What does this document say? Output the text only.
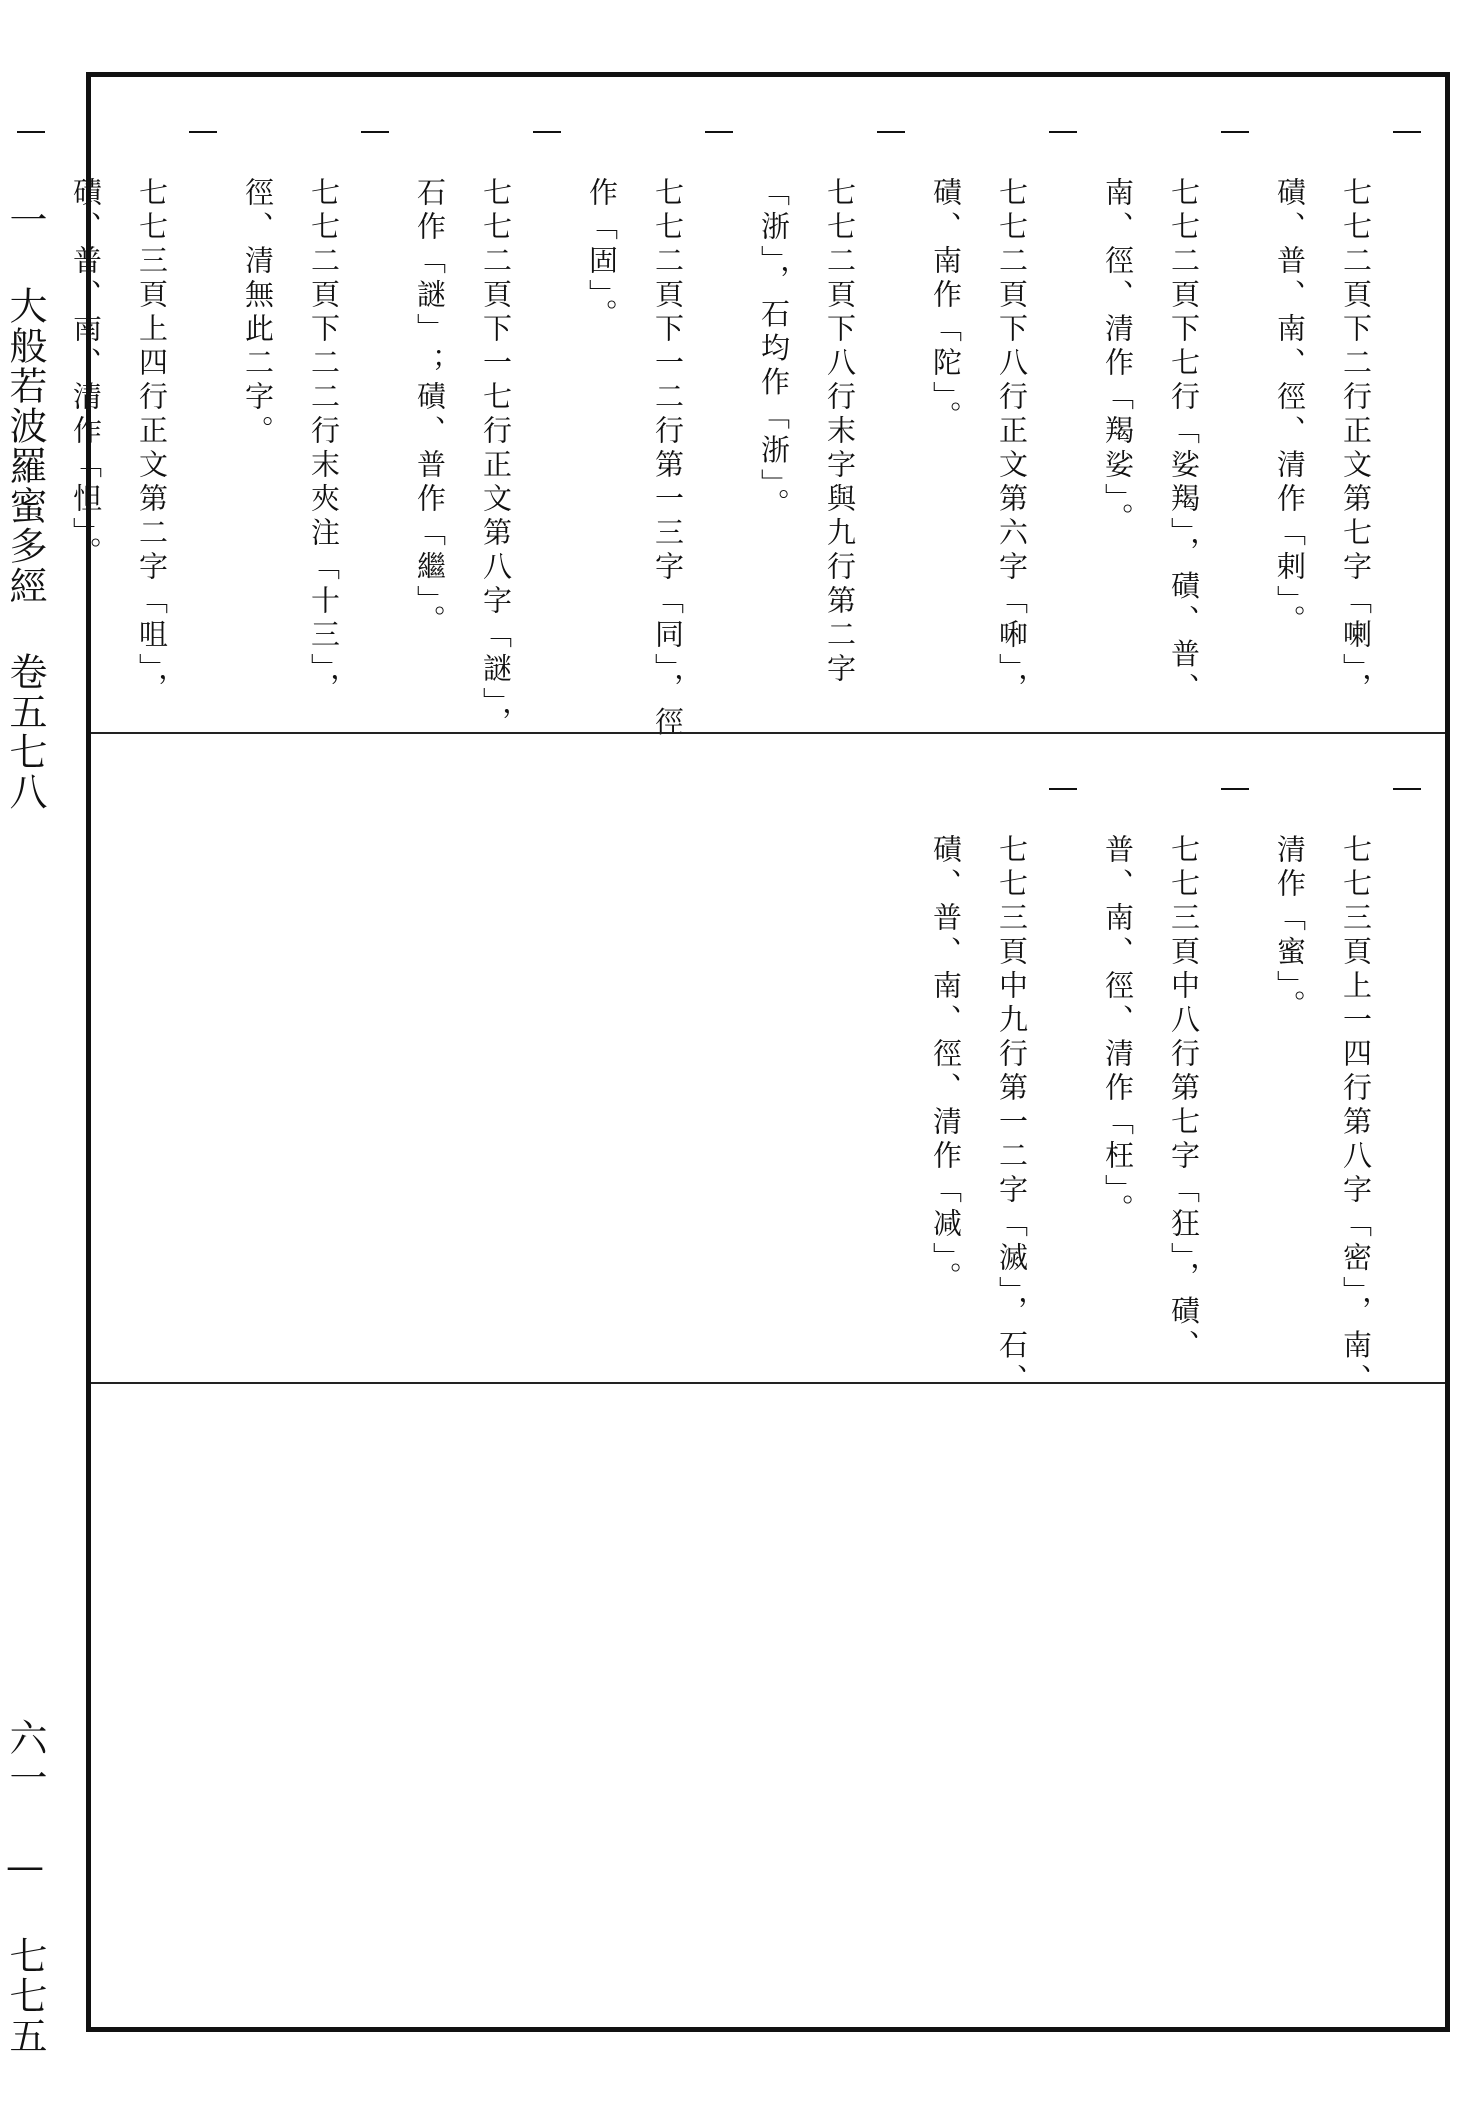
一 大般若波羅蜜多經 卷五七八
六一 — 七七五
七七二頁下二行正文第七字「喇」，磧、普、南、徑、清作「剌」。
七七二頁下七行「娑羯」，磧、普、南、徑、清作「羯娑」。
七七二頁下八行正文第六字「啝」，磧、南作「陀」。
七七二頁下八行末字與九行第二字「浙」，石均作「浙」。
七七二頁下一二行第一三字「同」，徑作「固」。
七七二頁下一七行正文第八字「謎」，石作「謎」；磧、普作「繼」。
七七二頁下二二行末夾注「十三」，徑、清無此二字。
七七三頁上四行正文第二字「咀」，磧、普、南、清作「怛」。
七七三頁上一四行第八字「密」，南、清作「蜜」。
七七三頁中八行第七字「狂」，磧、普、南、徑、清作「枉」。
七七三頁中九行第一二字「滅」，石、磧、普、南、徑、清作「减」。
